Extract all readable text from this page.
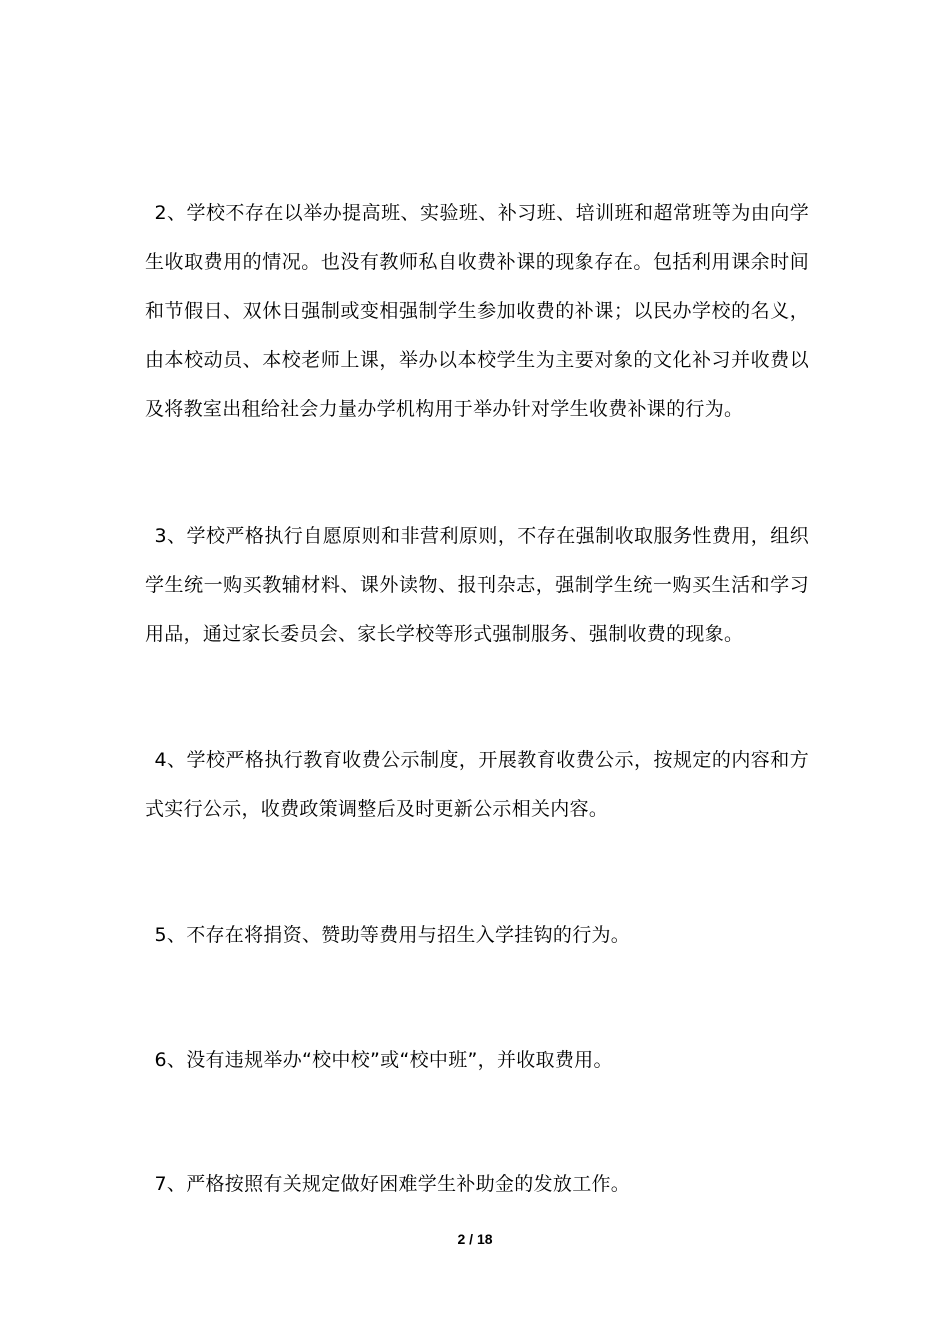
2、学校不存在以举办提高班、实验班、补习班、培训班和超常班等为由向学生收取费用的情况。也没有教师私自收费补课的现象存在。包括利用课余时间和节假日、双休日强制或变相强制学生参加收费的补课；以民办学校的名义，由本校动员、本校老师上课，举办以本校学生为主要对象的文化补习并收费以及将教室出租给社会力量办学机构用于举办针对学生收费补课的行为。

3、学校严格执行自愿原则和非营利原则，不存在强制收取服务性费用，组织学生统一购买教辅材料、课外读物、报刊杂志，强制学生统一购买生活和学习用品，通过家长委员会、家长学校等形式强制服务、强制收费的现象。

4、学校严格执行教育收费公示制度，开展教育收费公示，按规定的内容和方式实行公示，收费政策调整后及时更新公示相关内容。

5、不存在将捐资、赞助等费用与招生入学挂钩的行为。

6、没有违规举办“校中校”或“校中班”，并收取费用。

7、严格按照有关规定做好困难学生补助金的发放工作。

2 / 18
